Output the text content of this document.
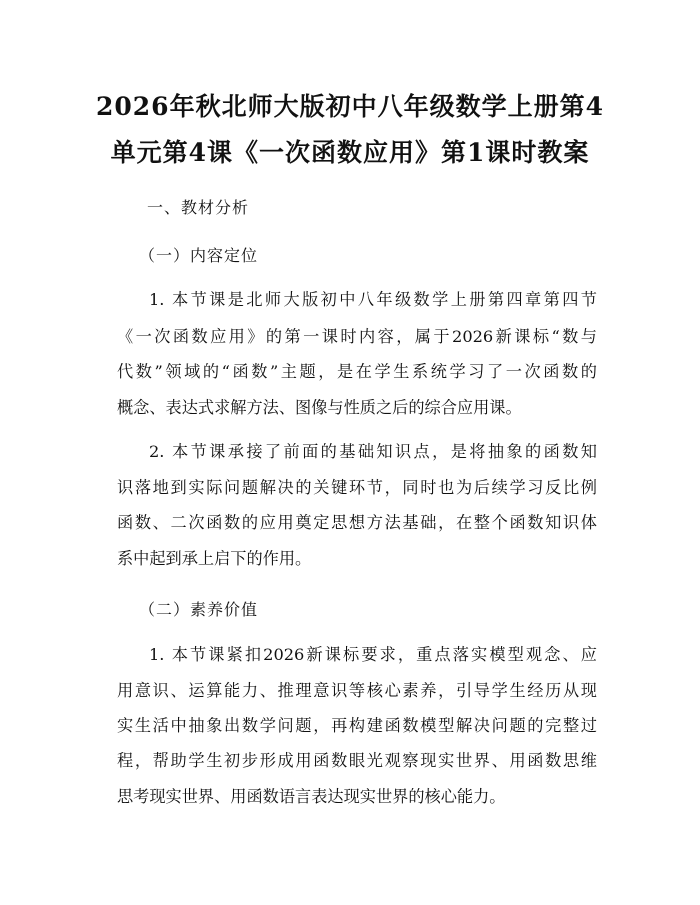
2026年秋北师大版初中八年级数学上册第4
单元第4课《一次函数应用》第1课时教案
一、教材分析
（一）内容定位
1. 本节课是北师大版初中八年级数学上册第四章第四节
《一次函数应用》的第一课时内容，属于2026新课标“数与
代数”领域的“函数”主题，是在学生系统学习了一次函数的
概念、表达式求解方法、图像与性质之后的综合应用课。
2. 本节课承接了前面的基础知识点，是将抽象的函数知
识落地到实际问题解决的关键环节，同时也为后续学习反比例
函数、二次函数的应用奠定思想方法基础，在整个函数知识体
系中起到承上启下的作用。
（二）素养价值
1. 本节课紧扣2026新课标要求，重点落实模型观念、应
用意识、运算能力、推理意识等核心素养，引导学生经历从现
实生活中抽象出数学问题，再构建函数模型解决问题的完整过
程，帮助学生初步形成用函数眼光观察现实世界、用函数思维
思考现实世界、用函数语言表达现实世界的核心能力。
